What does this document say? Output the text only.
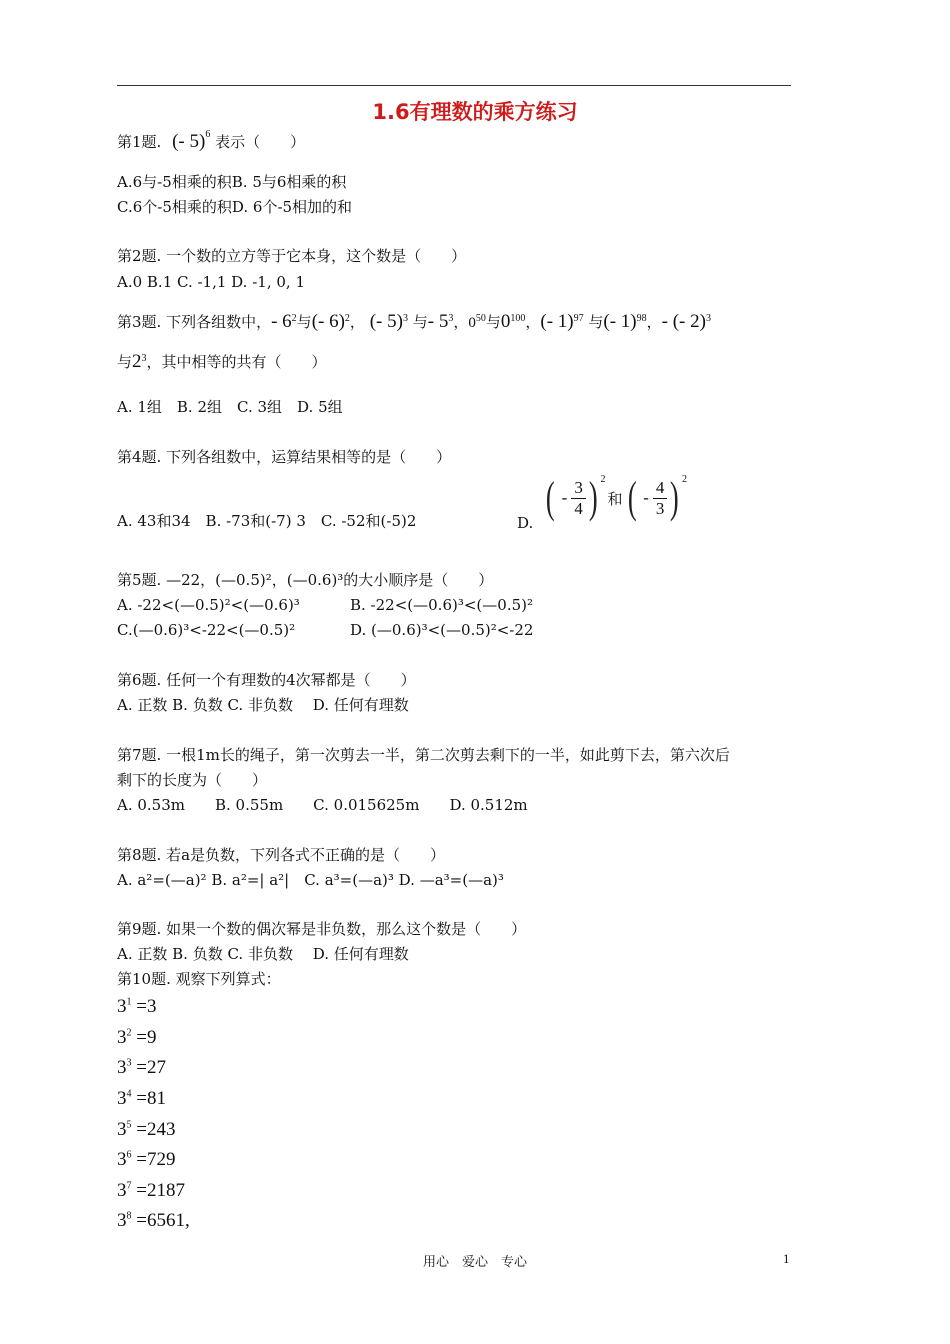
1.6有理数的乘方练习
第1题. (- 5)$^6$ 表示（　　）
A.6与-5相乘的积B. 5与6相乘的积
C.6个-5相乘的积D. 6个-5相加的和
第2题. 一个数的立方等于它本身，这个数是（　　）
A.0 B.1 C. -1,1 D. -1, 0, 1
第3题. 下列各组数中，- $6^2$与(- 6)$^2$， (- 5)$^3$ 与- $5^3$，$0^{50}$与$0^{100}$，(- 1)$^{97}$ 与(- 1)$^{98}$，- (- 2)$^3$
与$2^3$，其中相等的共有（　　）
A. 1组　B. 2组　C. 3组　D. 5组
第4题. 下列各组数中，运算结果相等的是（　　）
A. 43和34　B. -73和(-7) 3　C. -52和(-5)2	D.
( - $\frac{3}{4}$ ) 2
和 ( - $\frac{4}{3}$ ) 2
第5题. —22，(—0.5)²，(—0.6)³的大小顺序是（　　）
A. -22<(—0.5)²<(—0.6)³	B. -22<(—0.6)³<(—0.5)²
C.(—0.6)³<-22<(—0.5)²	D. (—0.6)³<(—0.5)²<-22
第6题. 任何一个有理数的4次幂都是（　　）
A. 正数 B. 负数 C. 非负数　 D. 任何有理数
第7题. 一根1m长的绳子，第一次剪去一半，第二次剪去剩下的一半，如此剪下去，第六次后
剩下的长度为（　　）
A. 0.53m　　B. 0.55m　　C. 0.015625m　　D. 0.512m
第8题. 若a是负数，下列各式不正确的是（　　）
A. a²=(—a)² B. a²=| a²|　C. a³=(—a)³ D. —a³=(—a)³
第9题. 如果一个数的偶次幂是非负数，那么这个数是（　　）
A. 正数 B. 负数 C. 非负数　 D. 任何有理数
第10题. 观察下列算式：
$3^1 =3$
$3^2 =9$
$3^3 =27$
$3^4 =81$
$3^5 =243$
$3^6 =729$
$3^7 =2187$
$3^8 =6561$,
用心　爱心　专心	1
